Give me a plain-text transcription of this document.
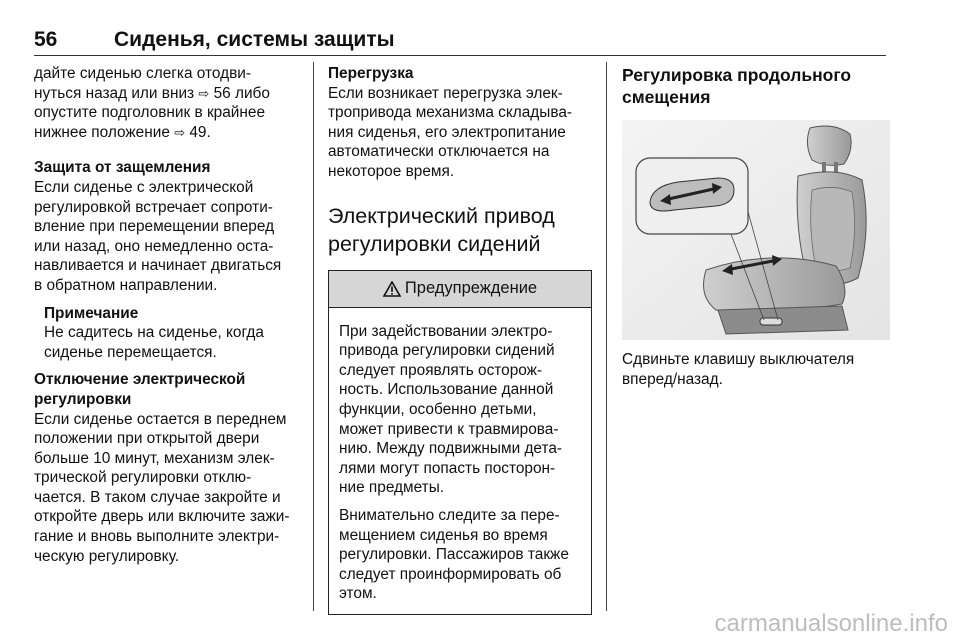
56	Сиденья, системы защиты

дайте сиденью слегка отодви-

нуться назад или вниз ⇨ 56 либо

опустите подголовник в крайнее

нижнее положение ⇨ 49.

Защита от защемления

Если сиденье с электрической

регулировкой встречает сопроти-

вление при перемещении вперед

или назад, оно немедленно оста-

навливается и начинает двигаться

в обратном направлении.

Примечание

Не садитесь на сиденье, когда

сиденье перемещается.

Отключение электрической

регулировки

Если сиденье остается в переднем

положении при открытой двери

больше 10 минут, механизм элек-

трической регулировки отклю-

чается. В таком случае закройте и

откройте дверь или включите зажи-

гание и вновь выполните электри-

ческую регулировку.

Перегрузка

Если возникает перегрузка элек-

тропривода механизма складыва-

ния сиденья, его электропитание

автоматически отключается на

некоторое время.

Электрический привод

регулировки сидений

Предупреждение

При задействовании электро-

привода регулировки сидений

следует проявлять осторож-

ность. Использование данной

функции, особенно детьми,

может привести к травмирова-

нию. Между подвижными дета-

лями могут попасть посторон-

ние предметы.

Внимательно следите за пере-

мещением сиденья во время

регулировки. Пассажиров также

следует проинформировать об

этом.

Регулировка продольного

смещения

Сдвиньте клавишу выключателя

вперед/назад.

carmanualsonline.info
